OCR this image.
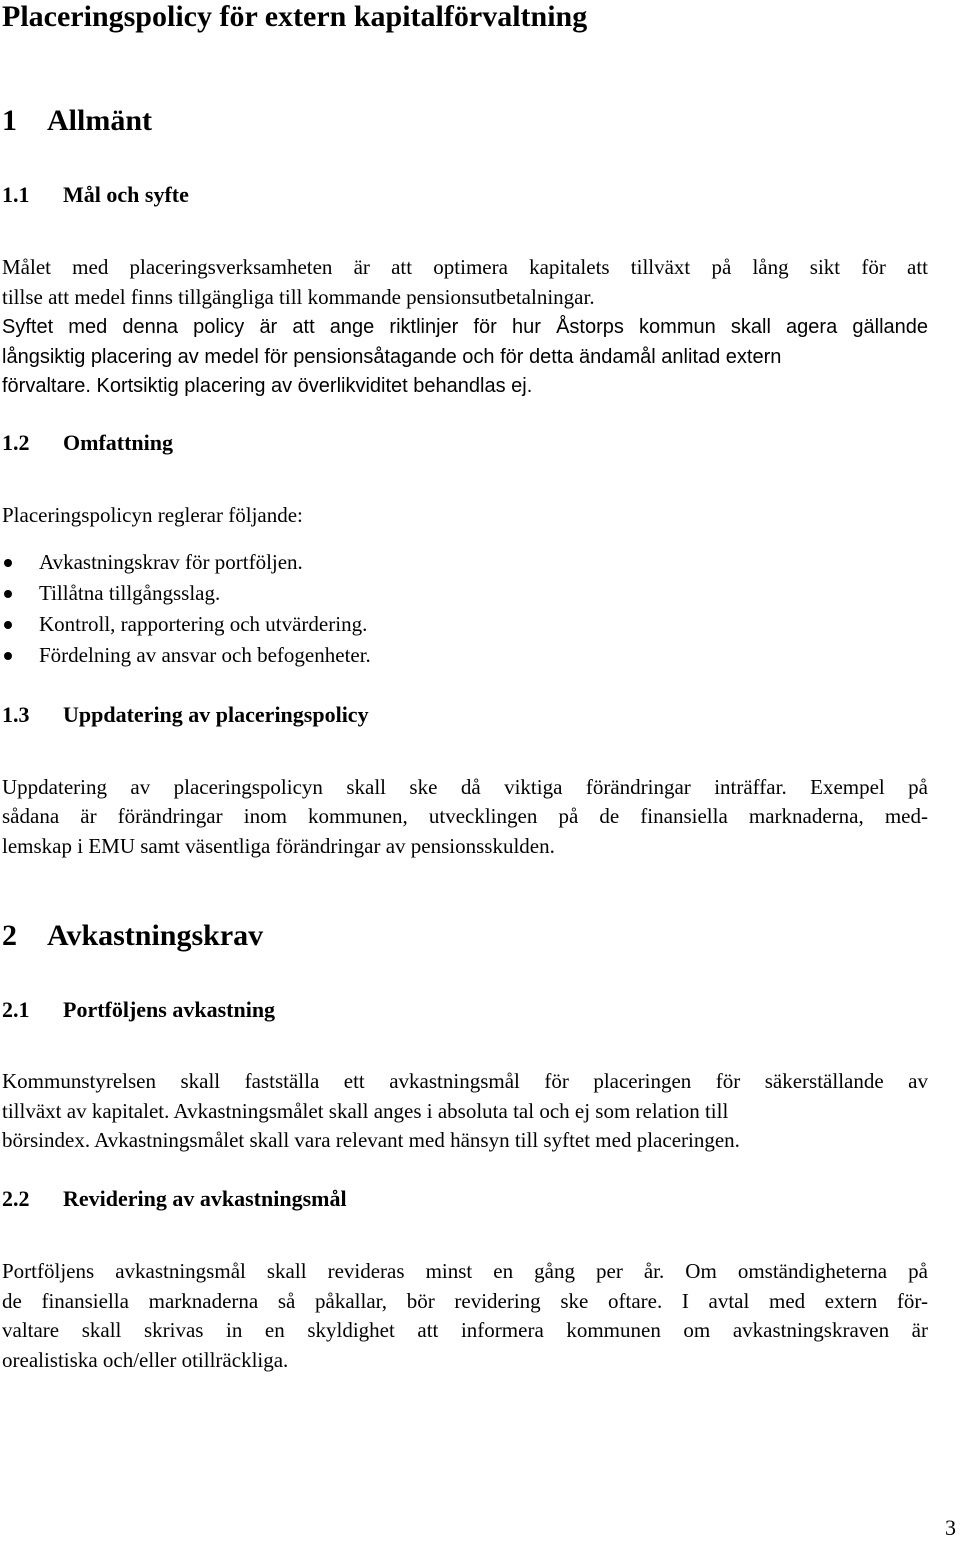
Placeringspolicy för extern kapitalförvaltning
1 Allmänt
1.1 Mål och syfte

Målet med placeringsverksamheten är att optimera kapitalets tillväxt på lång sikt för att

tillse att medel finns tillgängliga till kommande pensionsutbetalningar.

Syftet med denna policy är att ange riktlinjer för hur Åstorps kommun skall agera gällande

långsiktig placering av medel för pensionsåtagande och för detta ändamål anlitad extern

förvaltare. Kortsiktig placering av överlikviditet behandlas ej.

1.2 Omfattning

Placeringspolicyn reglerar följande:

Avkastningskrav för portföljen.
Tillåtna tillgångsslag.
Kontroll, rapportering och utvärdering.
Fördelning av ansvar och befogenheter.
1.3 Uppdatering av placeringspolicy

Uppdatering av placeringspolicyn skall ske då viktiga förändringar inträffar. Exempel på

sådana är förändringar inom kommunen, utvecklingen på de finansiella marknaderna, med-

lemskap i EMU samt väsentliga förändringar av pensionsskulden.

2 Avkastningskrav
2.1 Portföljens avkastning

Kommunstyrelsen skall fastställa ett avkastningsmål för placeringen för säkerställande av

tillväxt av kapitalet. Avkastningsmålet skall anges i absoluta tal och ej som relation till

börsindex. Avkastningsmålet skall vara relevant med hänsyn till syftet med placeringen.

2.2 Revidering av avkastningsmål

Portföljens avkastningsmål skall revideras minst en gång per år. Om omständigheterna på

de finansiella marknaderna så påkallar, bör revidering ske oftare. I avtal med extern för-

valtare skall skrivas in en skyldighet att informera kommunen om avkastningskraven är

orealistiska och/eller otillräckliga.

3
